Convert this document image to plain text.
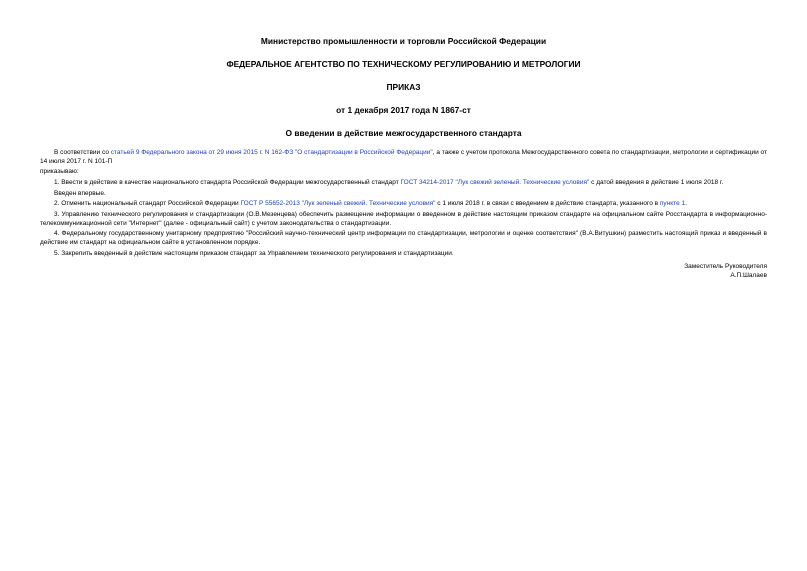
Министерство промышленности и торговли Российской Федерации
ФЕДЕРАЛЬНОЕ АГЕНТСТВО ПО ТЕХНИЧЕСКОМУ РЕГУЛИРОВАНИЮ И МЕТРОЛОГИИ
ПРИКАЗ
от 1 декабря 2017 года N 1867-ст
О введении в действие межгосударственного стандарта

В соответствии со статьей 9 Федерального закона от 29 июня 2015 г. N 162-ФЗ "О стандартизации в Российской Федерации", а также с учетом протокола Межгосударственного совета по стандартизации, метрологии и сертификации от 14 июля 2017 г. N 101-П

приказываю:

1. Ввести в действие в качестве национального стандарта Российской Федерации межгосударственный стандарт ГОСТ 34214-2017 "Лук свежий зеленый. Технические условия" с датой введения в действие 1 июля 2018 г.

Введен впервые.

2. Отменить национальный стандарт Российской Федерации ГОСТ Р 55652-2013 "Лук зеленый свежий. Технические условия" с 1 июля 2018 г. в связи с введением в действие стандарта, указанного в пункте 1.

3. Управлению технического регулирования и стандартизации (О.В.Мезенцева) обеспечить размещение информации о введенном в действие настоящим приказом стандарте на официальном сайте Росстандарта в информационно-телекоммуникационной сети "Интернет" (далее - официальный сайт) с учетом законодательства о стандартизации.

4. Федеральному государственному унитарному предприятию "Российский научно-технический центр информации по стандартизации, метрологии и оценке соответствия" (В.А.Витушкин) разместить настоящий приказ и введенный в действие им стандарт на официальном сайте в установленном порядке.

5. Закрепить введенный в действие настоящим приказом стандарт за Управлением технического регулирования и стандартизации.

Заместитель Руководителя
А.П.Шалаев
